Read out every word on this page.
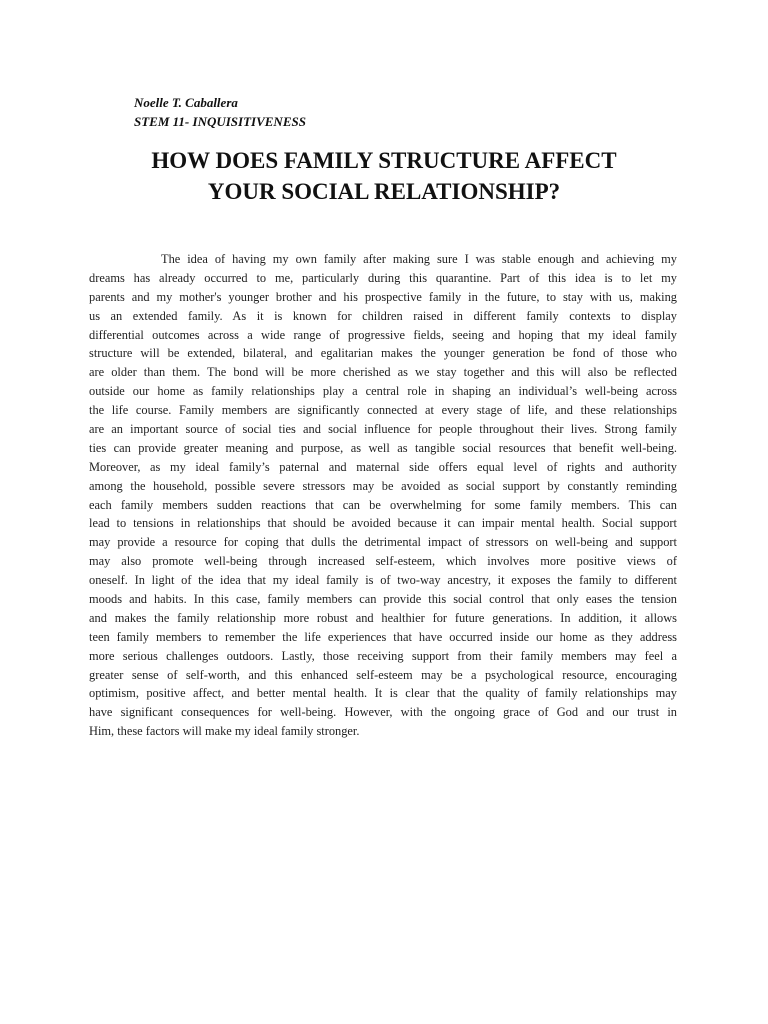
Noelle T. Caballera
STEM 11- INQUISITIVENESS
HOW DOES FAMILY STRUCTURE AFFECT
YOUR SOCIAL RELATIONSHIP?
The idea of having my own family after making sure I was stable enough and achieving my
dreams has already occurred to me, particularly during this quarantine. Part of this idea is to let my
parents and my mother's younger brother and his prospective family in the future, to stay with us, making
us an extended family. As it is known for children raised in different family contexts to display
differential outcomes across a wide range of progressive fields, seeing and hoping that my ideal family
structure will be extended, bilateral, and egalitarian makes the younger generation be fond of those who
are older than them. The bond will be more cherished as we stay together and this will also be reflected
outside our home as family relationships play a central role in shaping an individual’s well-being across
the life course. Family members are significantly connected at every stage of life, and these relationships
are an important source of social ties and social influence for people throughout their lives. Strong family
ties can provide greater meaning and purpose, as well as tangible social resources that benefit well-being.
Moreover, as my ideal family’s paternal and maternal side offers equal level of rights and authority
among the household, possible severe stressors may be avoided as social support by constantly reminding
each family members sudden reactions that can be overwhelming for some family members. This can
lead to tensions in relationships that should be avoided because it can impair mental health. Social support
may provide a resource for coping that dulls the detrimental impact of stressors on well-being and support
may also promote well-being through increased self-esteem, which involves more positive views of
oneself. In light of the idea that my ideal family is of two-way ancestry, it exposes the family to different
moods and habits. In this case, family members can provide this social control that only eases the tension
and makes the family relationship more robust and healthier for future generations. In addition, it allows
teen family members to remember the life experiences that have occurred inside our home as they address
more serious challenges outdoors. Lastly, those receiving support from their family members may feel a
greater sense of self-worth, and this enhanced self-esteem may be a psychological resource, encouraging
optimism, positive affect, and better mental health. It is clear that the quality of family relationships may
have significant consequences for well-being. However, with the ongoing grace of God and our trust in
Him, these factors will make my ideal family stronger.
